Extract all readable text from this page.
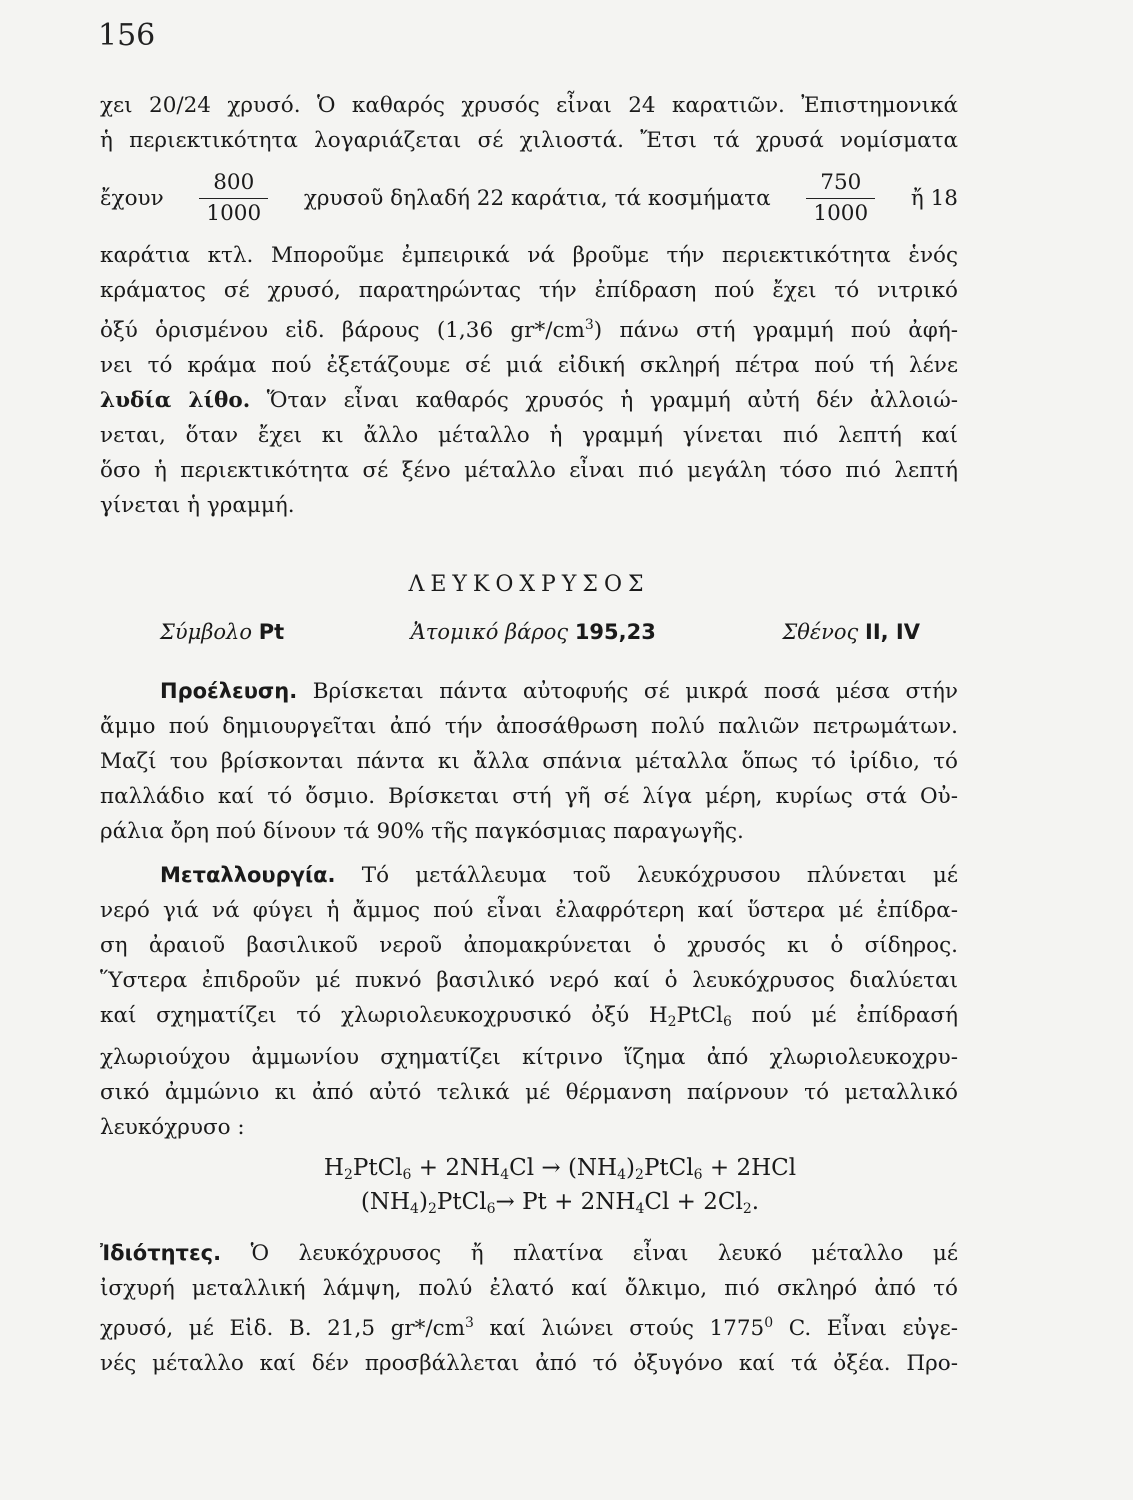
156
χει 20/24 χρυσό. Ὁ καθαρός χρυσός εἶναι 24 καρατιῶν. Ἐπιστημονικά
ἡ περιεκτικότητα λογαριάζεται σέ χιλιοστά. Ἔτσι τά χρυσά νομίσματα
ἔχουν $\frac{800}{1000}$ χρυσοῦ δηλαδή 22 καράτια, τά κοσμήματα $\frac{750}{1000}$ ἤ 18
καράτια κτλ. Μποροῦμε ἐμπειρικά νά βροῦμε τήν περιεκτικότητα ἑνός
κράματος σέ χρυσό, παρατηρώντας τήν ἐπίδραση πού ἔχει τό νιτρικό
ὀξύ ὁρισμένου εἰδ. βάρους (1,36 $gr*/cm^3$) πάνω στή γραμμή πού ἀφή-
νει τό κράμα πού ἐξετάζουμε σέ μιά εἰδική σκληρή πέτρα πού τή λένε
λυδία λίθο. Ὅταν εἶναι καθαρός χρυσός ἡ γραμμή αὐτή δέν ἀλλοιώ-
νεται, ὅταν ἔχει κι ἄλλο μέταλλο ἡ γραμμή γίνεται πιό λεπτή καί
ὅσο ἡ περιεκτικότητα σέ ξένο μέταλλο εἶναι πιό μεγάλη τόσο πιό λεπτή
γίνεται ἡ γραμμή.
ΛΕΥΚΟΧΡΥΣΟΣ
Σύμβολο Pt	Ἀτομικό βάρος 195,23	Σθένος II, IV
Προέλευση. Βρίσκεται πάντα αὐτοφυής σέ μικρά ποσά μέσα στήν
ἄμμο πού δημιουργεῖται ἀπό τήν ἀποσάθρωση πολύ παλιῶν πετρωμάτων.
Μαζί του βρίσκονται πάντα κι ἄλλα σπάνια μέταλλα ὅπως τό ἰρίδιο, τό
παλλάδιο καί τό ὄσμιο. Βρίσκεται στή γῆ σέ λίγα μέρη, κυρίως στά Οὐ-
ράλια ὄρη πού δίνουν τά 90% τῆς παγκόσμιας παραγωγῆς.
Μεταλλουργία. Τό μετάλλευμα τοῦ λευκόχρυσου πλύνεται μέ
νερό γιά νά φύγει ἡ ἄμμος πού εἶναι ἐλαφρότερη καί ὕστερα μέ ἐπίδρα-
ση ἀραιοῦ βασιλικοῦ νεροῦ ἀπομακρύνεται ὁ χρυσός κι ὁ σίδηρος.
Ὕστερα ἐπιδροῦν μέ πυκνό βασιλικό νερό καί ὁ λευκόχρυσος διαλύεται
καί σχηματίζει τό χλωριολευκοχρυσικό ὀξύ $H_2PtCl_6$ πού μέ ἐπίδρασή
χλωριούχου ἀμμωνίου σχηματίζει κίτρινο ἵζημα ἀπό χλωριολευκοχρυ-
σικό ἀμμώνιο κι ἀπό αὐτό τελικά μέ θέρμανση παίρνουν τό μεταλλικό
λευκόχρυσο :
$H_2PtCl_6 + 2NH_4Cl$ → $(NH_4)_2PtCl_6 + 2HCl$
$(NH_4)_2PtCl_6\to Pt + 2NH_4Cl + 2Cl_2$.
Ἰδιότητες. Ὁ λευκόχρυσος ἤ πλατίνα εἶναι λευκό μέταλλο μέ
ἰσχυρή μεταλλική λάμψη, πολύ ἐλατό καί ὄλκιμο, πιό σκληρό ἀπό τό
χρυσό, μέ Εἰδ. Β. 21,5 $gr*/cm^3$ καί λιώνει στούς 1775$^0$ C. Εἶναι εὐγε-
νές μέταλλο καί δέν προσβάλλεται ἀπό τό ὀξυγόνο καί τά ὀξέα. Προ-
